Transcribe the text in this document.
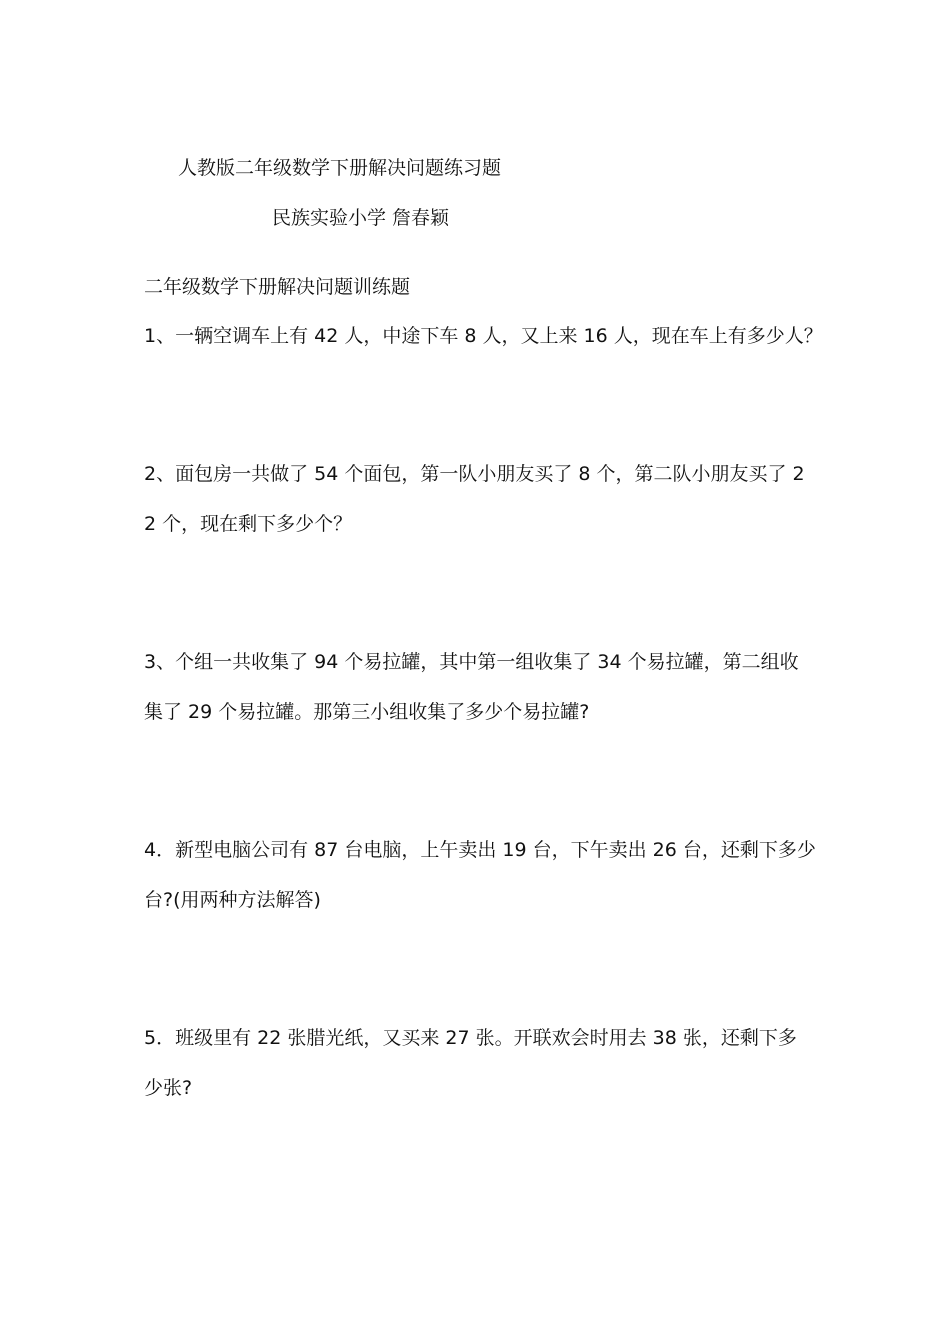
人教版二年级数学下册解决问题练习题
民族实验小学 詹春颖
二年级数学下册解决问题训练题
1、一辆空调车上有 42 人，中途下车 8 人，又上来 16 人，现在车上有多少人？
2、面包房一共做了 54 个面包，第一队小朋友买了 8 个，第二队小朋友买了 2
2 个，现在剩下多少个？
3、个组一共收集了 94 个易拉罐，其中第一组收集了 34 个易拉罐，第二组收
集了 29 个易拉罐。那第三小组收集了多少个易拉罐?
4．新型电脑公司有 87 台电脑，上午卖出 19 台，下午卖出 26 台，还剩下多少
台?(用两种方法解答)
5．班级里有 22 张腊光纸，又买来 27 张。开联欢会时用去 38 张，还剩下多
少张?
